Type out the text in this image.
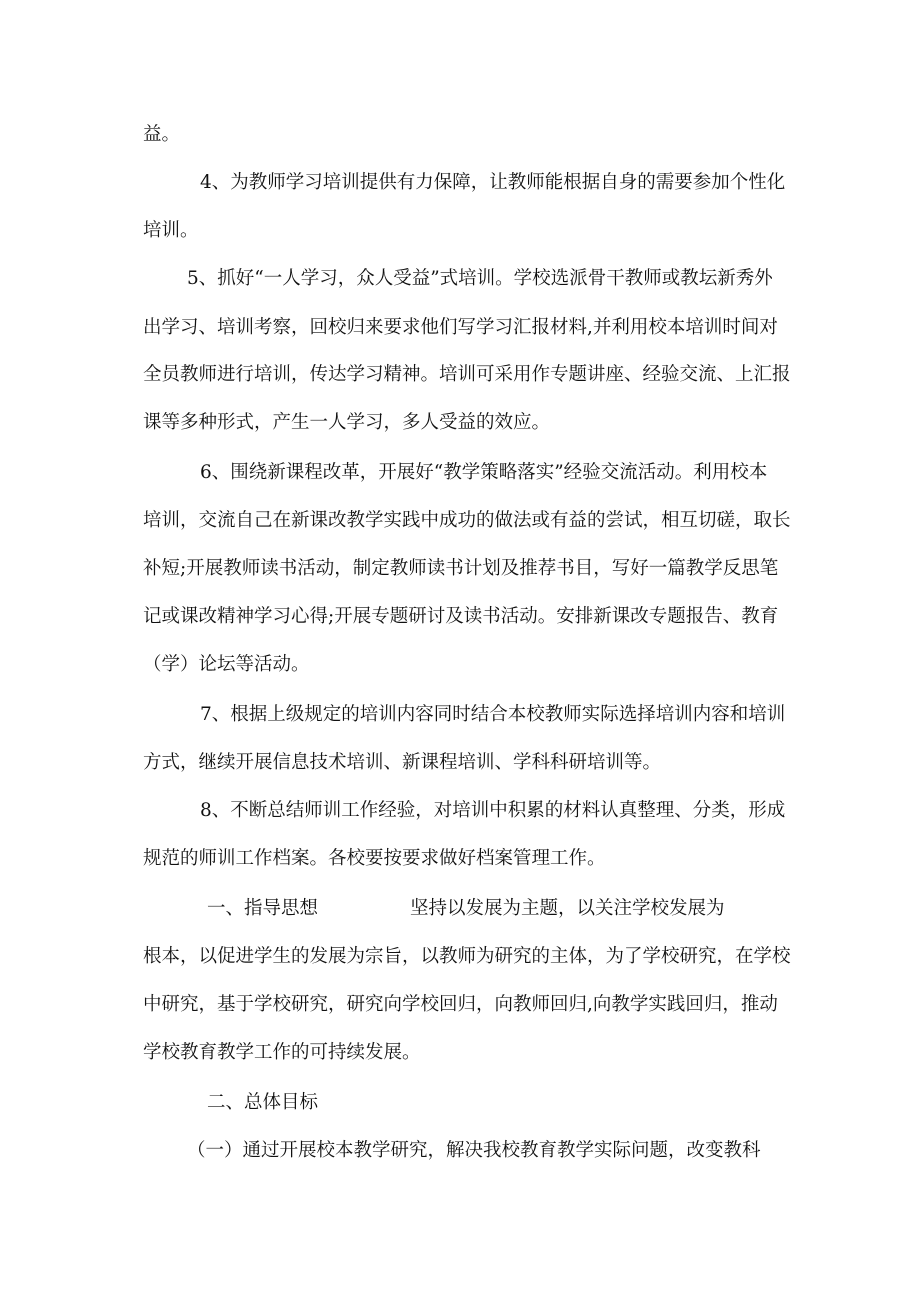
益。
4、为教师学习培训提供有力保障，让教师能根据自身的需要参加个性化
培训。
5、抓好“一人学习，众人受益”式培训。学校选派骨干教师或教坛新秀外
出学习、培训考察，回校归来要求他们写学习汇报材料,并利用校本培训时间对
全员教师进行培训，传达学习精神。培训可采用作专题讲座、经验交流、上汇报
课等多种形式，产生一人学习，多人受益的效应。
6、围绕新课程改革，开展好“教学策略落实”经验交流活动。利用校本
培训，交流自己在新课改教学实践中成功的做法或有益的尝试，相互切磋，取长
补短;开展教师读书活动，制定教师读书计划及推荐书目，写好一篇教学反思笔
记或课改精神学习心得;开展专题研讨及读书活动。安排新课改专题报告、教育
（学）论坛等活动。
7、根据上级规定的培训内容同时结合本校教师实际选择培训内容和培训
方式，继续开展信息技术培训、新课程培训、学科科研培训等。
8、不断总结师训工作经验，对培训中积累的材料认真整理、分类，形成
规范的师训工作档案。各校要按要求做好档案管理工作。
一、指导思想	坚持以发展为主题，以关注学校发展为
根本，以促进学生的发展为宗旨，以教师为研究的主体，为了学校研究，在学校
中研究，基于学校研究，研究向学校回归，向教师回归,向教学实践回归，推动
学校教育教学工作的可持续发展。
二、总体目标
（一）通过开展校本教学研究，解决我校教育教学实际问题，改变教科
